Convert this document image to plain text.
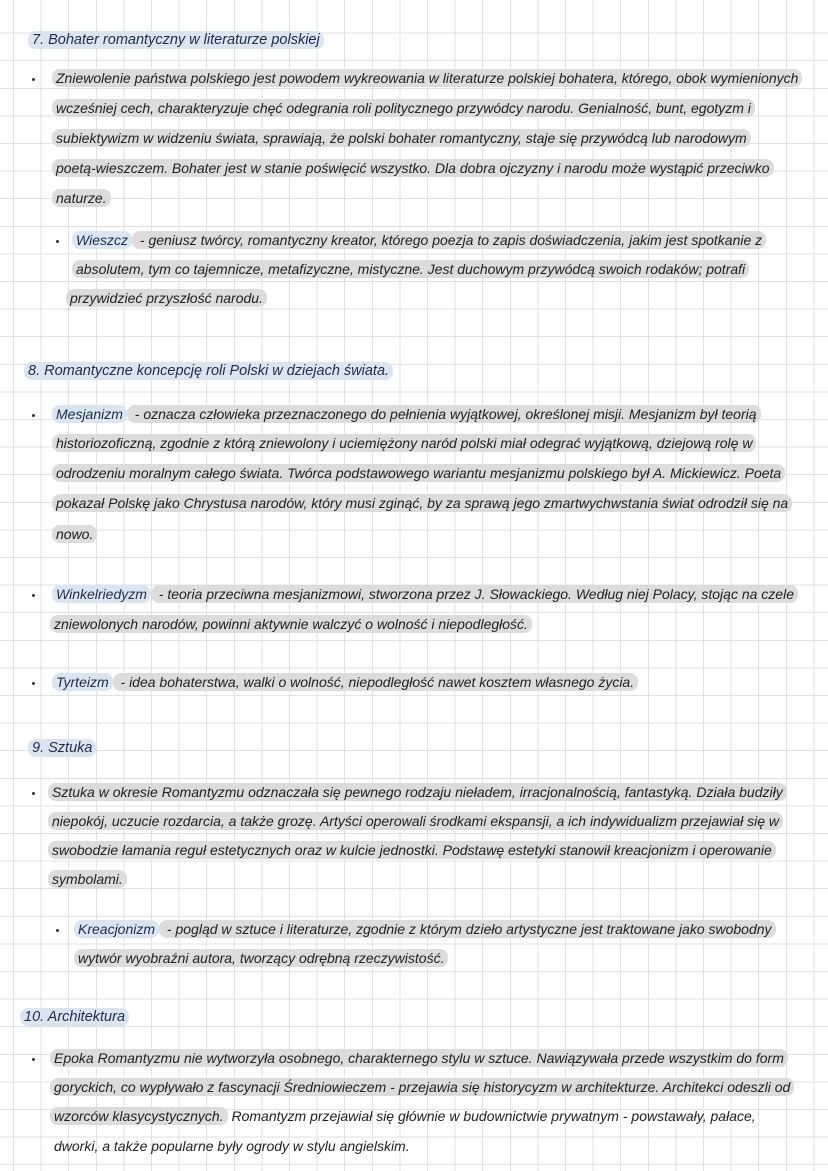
7. Bohater romantyczny w literaturze polskiej
Zniewolenie państwa polskiego jest powodem wykreowania w literaturze polskiej bohatera, którego, obok wymienionych
wcześniej cech, charakteryzuje chęć odegrania roli politycznego przywódcy narodu. Genialność, bunt, egotyzm i
subiektywizm w widzeniu świata, sprawiają, że polski bohater romantyczny, staje się przywódcą lub narodowym
poetą-wieszczem. Bohater jest w stanie poświęcić wszystko. Dla dobra ojczyzny i narodu może wystąpić przeciwko
naturze.
Wieszcz - geniusz twórcy, romantyczny kreator, którego poezja to zapis doświadczenia, jakim jest spotkanie z
absolutem, tym co tajemnicze, metafizyczne, mistyczne. Jest duchowym przywódcą swoich rodaków; potrafi
przywidzieć przyszłość narodu.
8. Romantyczne koncepcję roli Polski w dziejach świata.
Mesjanizm - oznacza człowieka przeznaczonego do pełnienia wyjątkowej, określonej misji. Mesjanizm był teorią
historiozoficzną, zgodnie z którą zniewolony i uciemiężony naród polski miał odegrać wyjątkową, dziejową rolę w
odrodzeniu moralnym całego świata. Twórca podstawowego wariantu mesjanizmu polskiego był A. Mickiewicz. Poeta
pokazał Polskę jako Chrystusa narodów, który musi zginąć, by za sprawą jego zmartwychwstania świat odrodził się na
nowo.
Winkelriedyzm - teoria przeciwna mesjanizmowi, stworzona przez J. Słowackiego. Według niej Polacy, stojąc na czele
zniewolonych narodów, powinni aktywnie walczyć o wolność i niepodległość.
Tyrteizm - idea bohaterstwa, walki o wolność, niepodległość nawet kosztem własnego życia.
9. Sztuka
Sztuka w okresie Romantyzmu odznaczała się pewnego rodzaju nieładem, irracjonalnością, fantastyką. Działa budziły
niepokój, uczucie rozdarcia, a także grozę. Artyści operowali środkami ekspansji, a ich indywidualizm przejawiał się w
swobodzie łamania reguł estetycznych oraz w kulcie jednostki. Podstawę estetyki stanowił kreacjonizm i operowanie
symbolami.
Kreacjonizm - pogląd w sztuce i literaturze, zgodnie z którym dzieło artystyczne jest traktowane jako swobodny
wytwór wyobraźni autora, tworzący odrębną rzeczywistość.
10. Architektura
Epoka Romantyzmu nie wytworzyła osobnego, charakternego stylu w sztuce. Nawiązywała przede wszystkim do form
goryckich, co wypływało z fascynacji Średniowieczem - przejawia się historycyzm w architekturze. Architekci odeszli od
wzorców klasycystycznych. Romantyzm przejawiał się głównie w budownictwie prywatnym - powstawały, pałace,
dworki, a także popularne były ogrody w stylu angielskim.
